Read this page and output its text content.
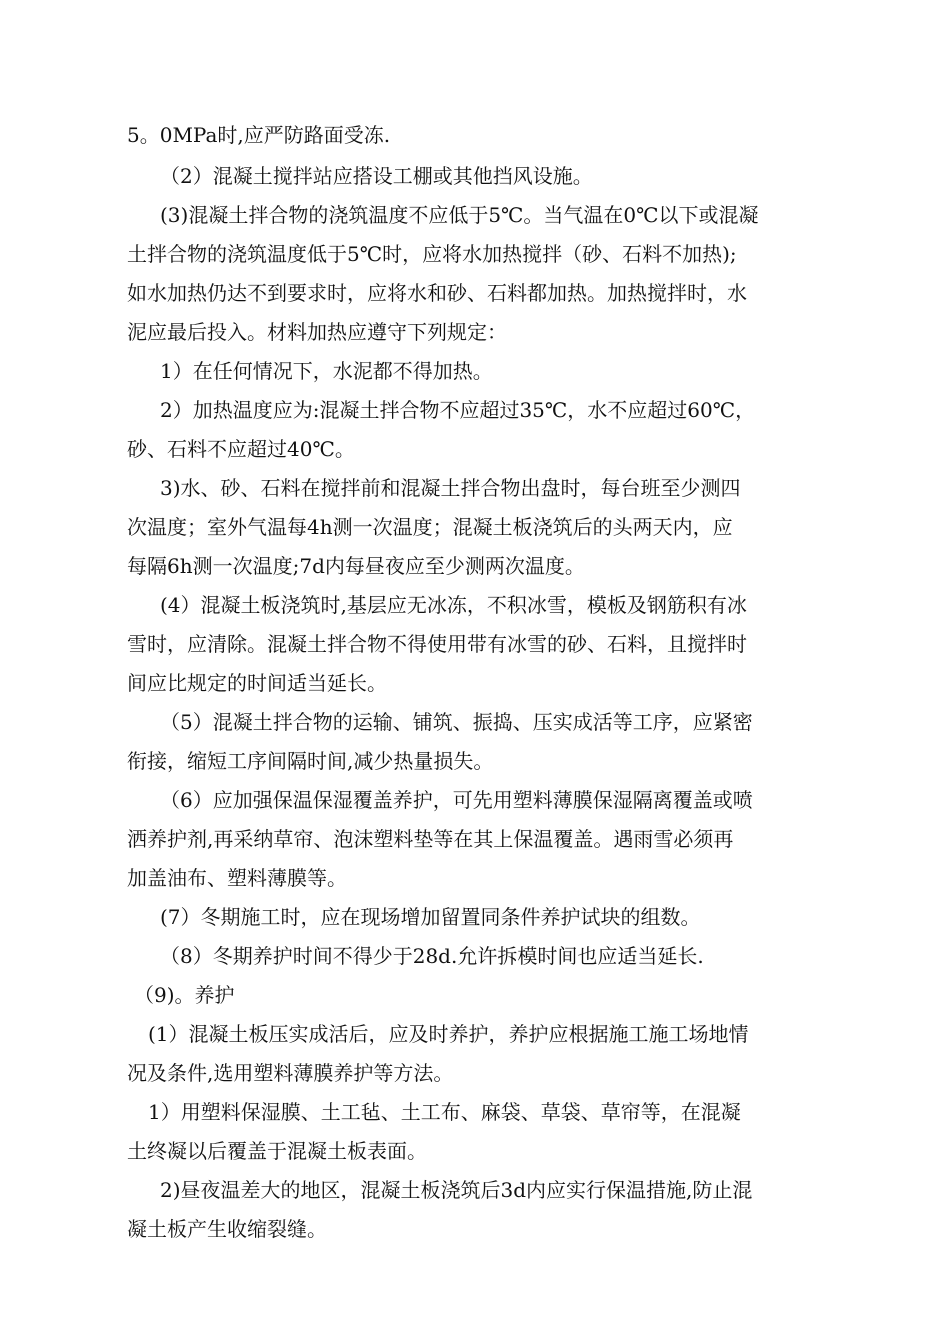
5。0MPa时,应严防路面受冻.
（2）混凝土搅拌站应搭设工棚或其他挡风设施。
(3)混凝土拌合物的浇筑温度不应低于5℃。当气温在0℃以下或混凝
土拌合物的浇筑温度低于5℃时，应将水加热搅拌（砂、石料不加热);
如水加热仍达不到要求时，应将水和砂、石料都加热。加热搅拌时，水
泥应最后投入。材料加热应遵守下列规定：
1）在任何情况下，水泥都不得加热。
2）加热温度应为:混凝土拌合物不应超过35℃，水不应超过60℃，
砂、石料不应超过40℃。
3)水、砂、石料在搅拌前和混凝土拌合物出盘时，每台班至少测四
次温度；室外气温每4h测一次温度；混凝土板浇筑后的头两天内，应
每隔6h测一次温度;7d内每昼夜应至少测两次温度。
(4）混凝土板浇筑时,基层应无冰冻，不积冰雪，模板及钢筋积有冰
雪时，应清除。混凝土拌合物不得使用带有冰雪的砂、石料，且搅拌时
间应比规定的时间适当延长。
（5）混凝土拌合物的运输、铺筑、振捣、压实成活等工序，应紧密
衔接，缩短工序间隔时间,减少热量损失。
（6）应加强保温保湿覆盖养护，可先用塑料薄膜保湿隔离覆盖或喷
洒养护剂,再采纳草帘、泡沫塑料垫等在其上保温覆盖。遇雨雪必须再
加盖油布、塑料薄膜等。
(7）冬期施工时，应在现场增加留置同条件养护试块的组数。
（8）冬期养护时间不得少于28d.允许拆模时间也应适当延长.
（9)。养护
(1）混凝土板压实成活后，应及时养护，养护应根据施工施工场地情
况及条件,选用塑料薄膜养护等方法。
1）用塑料保湿膜、土工毡、土工布、麻袋、草袋、草帘等，在混凝
土终凝以后覆盖于混凝土板表面。
2)昼夜温差大的地区，混凝土板浇筑后3d内应实行保温措施,防止混
凝土板产生收缩裂缝。
